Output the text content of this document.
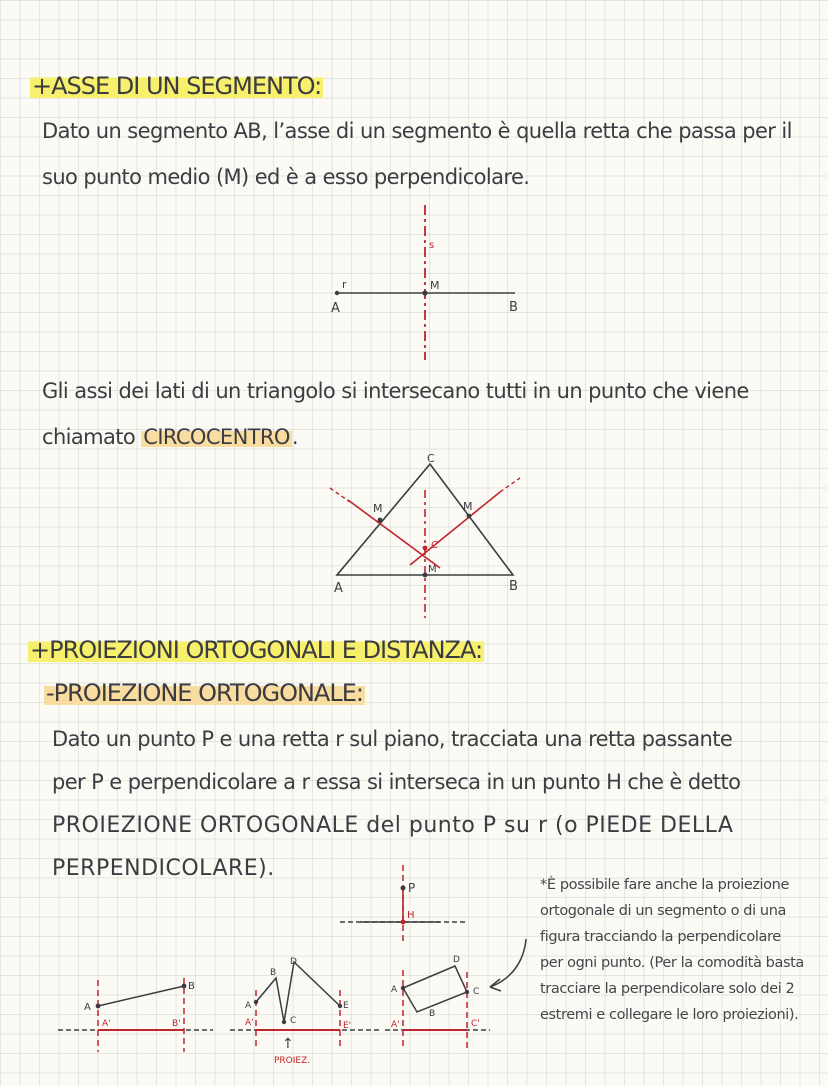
+ASSE DI UN SEGMENTO:
Dato un segmento AB, l’asse di un segmento è quella retta che passa per il
suo punto medio (M) ed è a esso perpendicolare.
r
A
s
M
B
Gli assi dei lati di un triangolo si intersecano tutti in un punto che viene
chiamato CIRCOCENTRO.
C
M	M
C
M
A	B
+PROIEZIONI ORTOGONALI E DISTANZA:
-PROIEZIONE ORTOGONALE:
Dato un punto P e una retta r sul piano, tracciata una retta passante
per P e perpendicolare a r essa si interseca in un punto H che è detto
PROIEZIONE ORTOGONALE del punto P su r (o PIEDE DELLA
PERPENDICOLARE).
P
H
A
B
A'	B'
A
A'
B
D
C
E
E'
↑
PROIEZ.
A
A'
B
D
C
C'
*È possibile fare anche la proiezione
ortogonale di un segmento o di una
figura tracciando la perpendicolare
per ogni punto. (Per la comodità basta
tracciare la perpendicolare solo dei 2
estremi e collegare le loro proiezioni).
